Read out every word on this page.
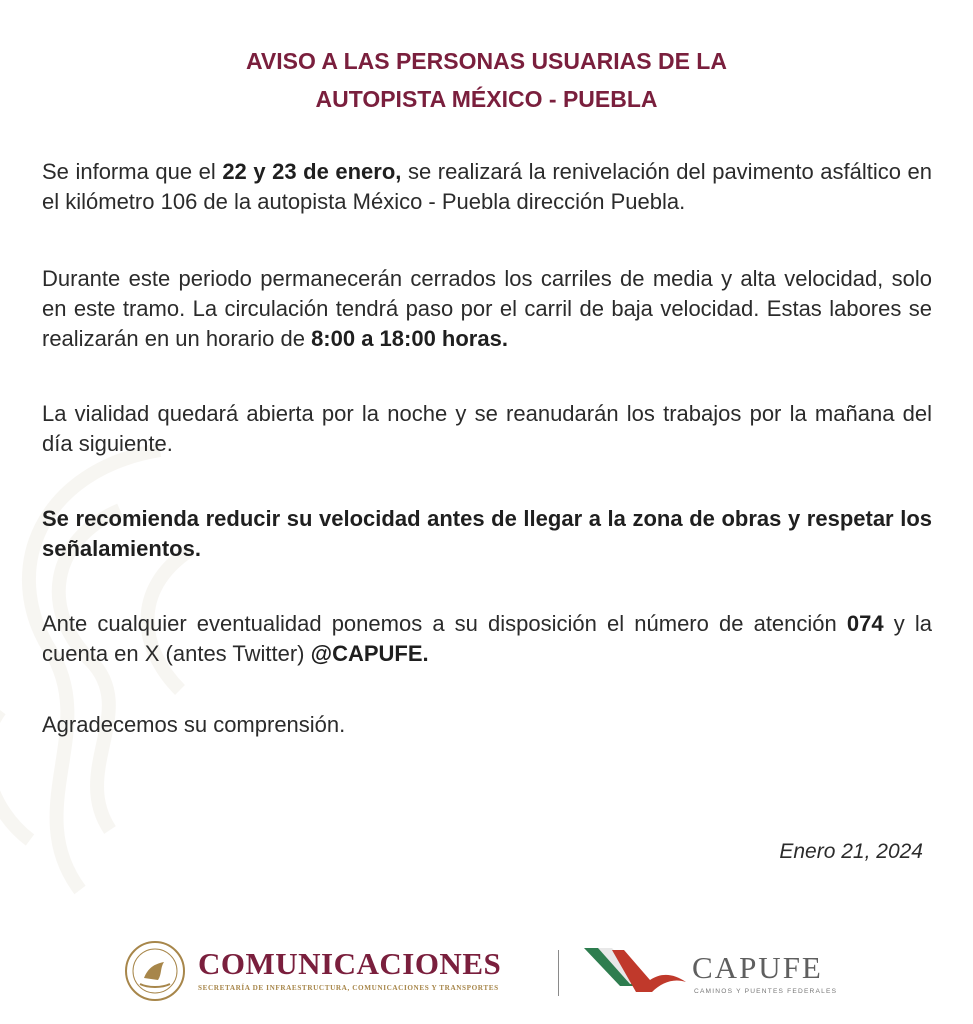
AVISO A LAS PERSONAS USUARIAS DE LA
AUTOPISTA MÉXICO - PUEBLA

Se informa que el 22 y 23 de enero, se realizará la renivelación del pavimento asfáltico en el kilómetro 106 de la autopista México - Puebla dirección Puebla.

Durante este periodo permanecerán cerrados los carriles de media y alta velocidad, solo en este tramo. La circulación tendrá paso por el carril de baja velocidad. Estas labores se realizarán en un horario de 8:00 a 18:00 horas.

La vialidad quedará abierta por la noche y se reanudarán los trabajos por la mañana del día siguiente.

Se recomienda reducir su velocidad antes de llegar a la zona de obras y respetar los señalamientos.

Ante cualquier eventualidad ponemos a su disposición el número de atención 074 y la cuenta en X (antes Twitter) @CAPUFE.

Agradecemos su comprensión.

Enero 21, 2024
COMUNICACIONES
SECRETARÍA DE INFRAESTRUCTURA, COMUNICACIONES Y TRANSPORTES
CAPUFE
CAMINOS Y PUENTES FEDERALES
